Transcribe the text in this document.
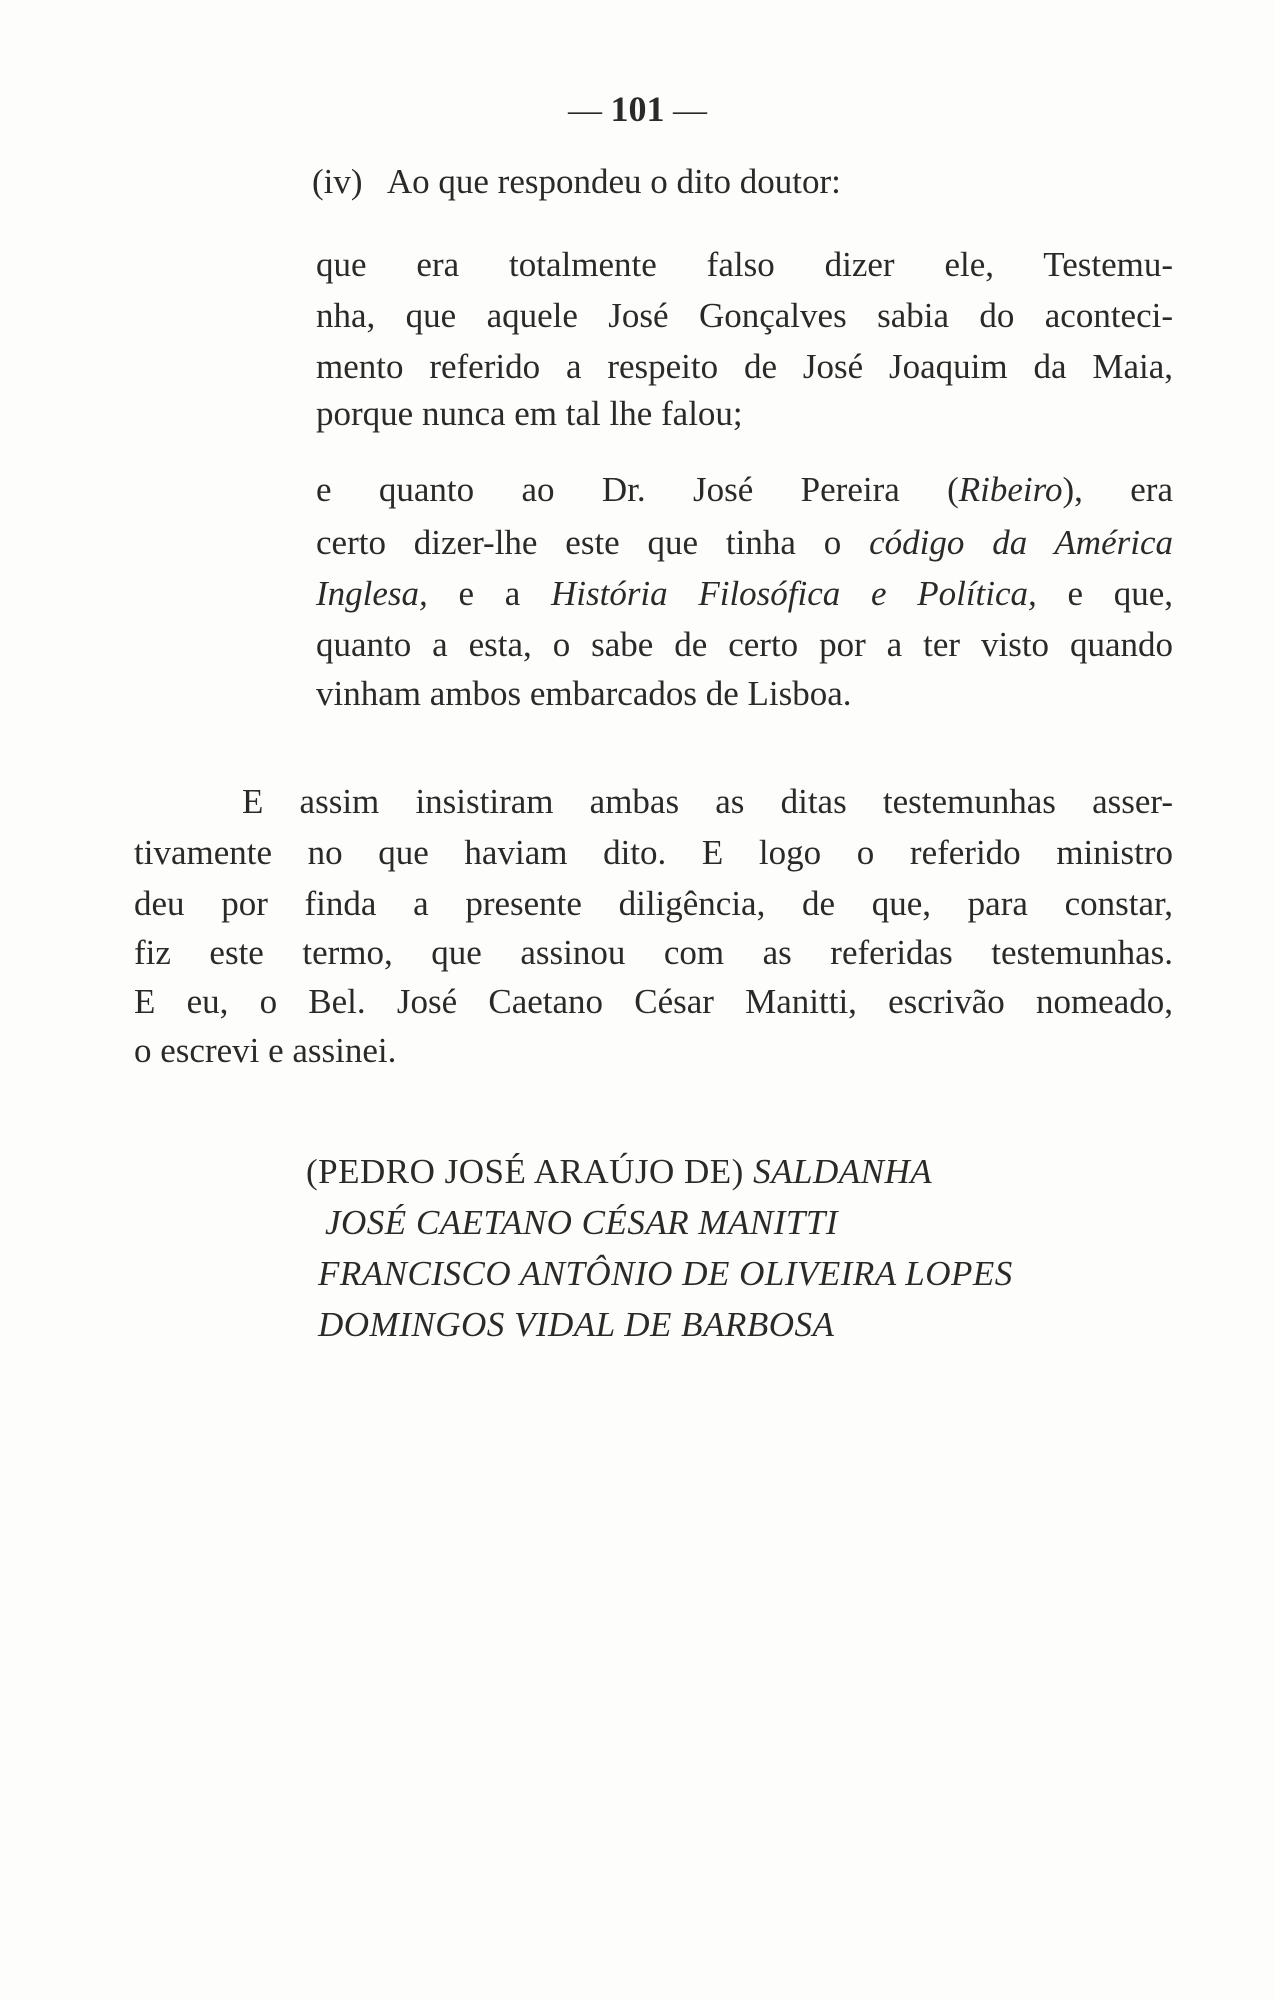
— 101 —
(iv) Ao que respondeu o dito doutor:
que era totalmente falso dizer ele, Testemu-
nha, que aquele José Gonçalves sabia do aconteci-
mento referido a respeito de José Joaquim da Maia,
porque nunca em tal lhe falou;
e quanto ao Dr. José Pereira (Ribeiro), era
certo dizer-lhe este que tinha o código da América
Inglesa, e a História Filosófica e Política, e que,
quanto a esta, o sabe de certo por a ter visto quando
vinham ambos embarcados de Lisboa.
E assim insistiram ambas as ditas testemunhas asser-
tivamente no que haviam dito. E logo o referido ministro
deu por finda a presente diligência, de que, para constar,
fiz este termo, que assinou com as referidas testemunhas.
E eu, o Bel. José Caetano César Manitti, escrivão nomeado,
o escrevi e assinei.
(PEDRO JOSÉ ARAÚJO DE) SALDANHA
JOSÉ CAETANO CÉSAR MANITTI
FRANCISCO ANTÔNIO DE OLIVEIRA LOPES
DOMINGOS VIDAL DE BARBOSA
